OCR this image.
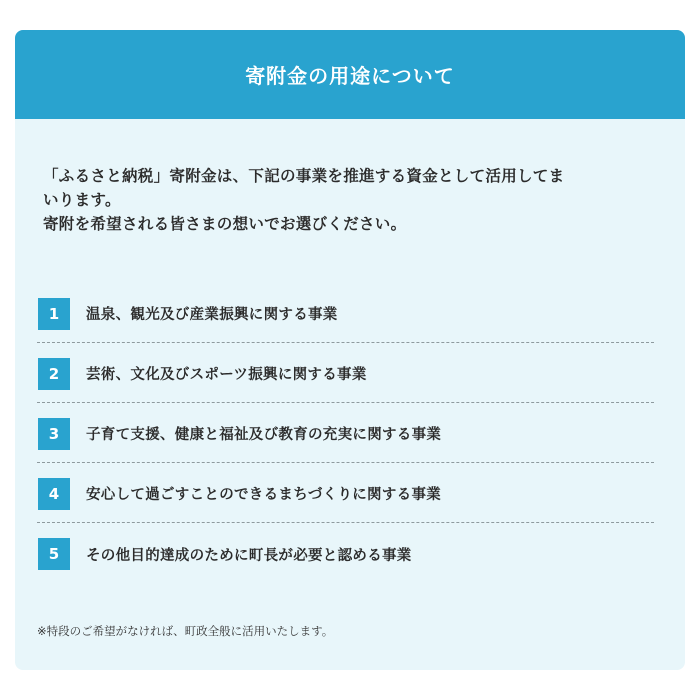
寄附金の用途について

「ふるさと納税」寄附金は、下記の事業を推進する資金として活用してま

いります。

寄附を希望される皆さまの想いでお選びください。

1	温泉、観光及び産業振興に関する事業
2	芸術、文化及びスポーツ振興に関する事業
3	子育て支援、健康と福祉及び教育の充実に関する事業
4	安心して過ごすことのできるまちづくりに関する事業
5	その他目的達成のために町長が必要と認める事業
※特段のご希望がなければ、町政全般に活用いたします。
